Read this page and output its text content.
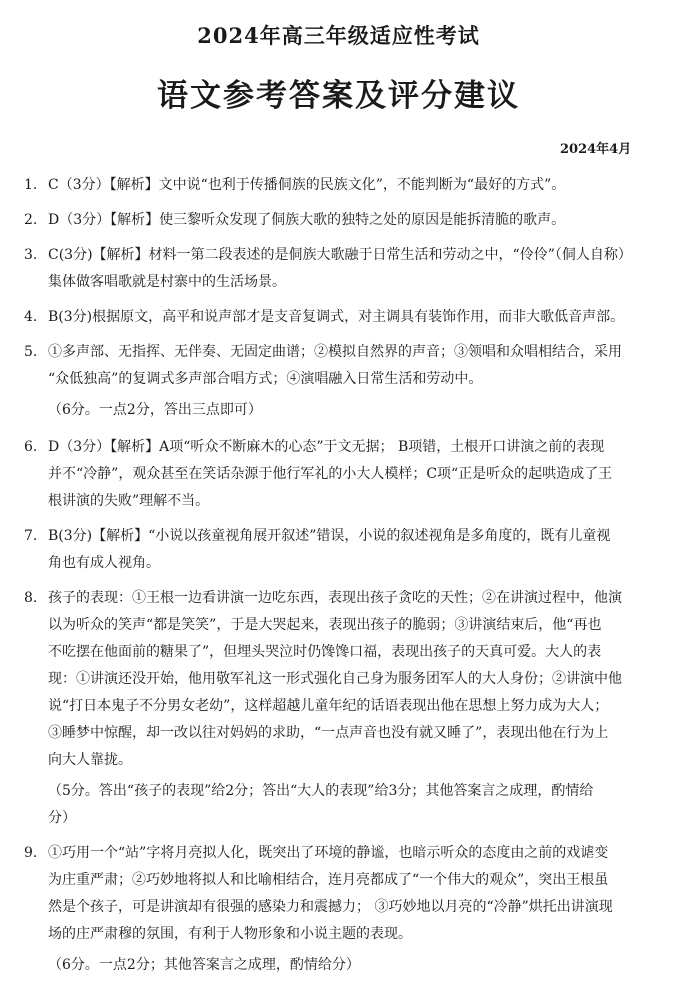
2024年高三年级适应性考试
语文参考答案及评分建议
2024年4月
1. C（3分）【解析】文中说“也利于传播侗族的民族文化”，不能判断为“最好的方式”。

2. D（3分）【解析】使三黎听众发现了侗族大歌的独特之处的原因是能拆清脆的歌声。

3. C(3分)【解析】材料一第二段表述的是侗族大歌融于日常生活和劳动之中，“伶伶”（侗人自称）

集体做客唱歌就是村寨中的生活场景。

4. B(3分)根据原文，高平和说声部才是支音复调式，对主调具有装饰作用，而非大歌低音声部。

5. ①多声部、无指挥、无伴奏、无固定曲谱；②模拟自然界的声音；③领唱和众唱相结合，采用

“众低独高”的复调式多声部合唱方式；④演唱融入日常生活和劳动中。

（6分。一点2分，答出三点即可）

6. D（3分）【解析】A项“听众不断麻木的心态”于文无据； B项错，土根开口讲演之前的表现

并不“冷静”，观众甚至在笑话杂源于他行军礼的小大人模样；C项“正是听众的起哄造成了王

根讲演的失败”理解不当。

7. B(3分)【解析】“小说以孩童视角展开叙述”错误，小说的叙述视角是多角度的，既有儿童视

角也有成人视角。

8. 孩子的表现：①王根一边看讲演一边吃东西，表现出孩子贪吃的天性；②在讲演过程中，他演

以为听众的笑声“都是笑笑”，于是大哭起来，表现出孩子的脆弱；③讲演结束后，他“再也

不吃摆在他面前的糖果了”，但埋头哭泣时仍馋馋口福，表现出孩子的天真可爱。大人的表

现：①讲演还没开始，他用敬军礼这一形式强化自己身为服务团军人的大人身份；②讲演中他

说“打日本鬼子不分男女老幼”，这样超越儿童年纪的话语表现出他在思想上努力成为大人；

③睡梦中惊醒，却一改以往对妈妈的求助，“一点声音也没有就又睡了”，表现出他在行为上

向大人靠拢。

（5分。答出“孩子的表现”给2分；答出“大人的表现”给3分；其他答案言之成理，酌情给

分）

9. ①巧用一个“站”字将月亮拟人化，既突出了环境的静谧，也暗示听众的态度由之前的戏谑变

为庄重严肃；②巧妙地将拟人和比喻相结合，连月亮都成了“一个伟大的观众”，突出王根虽

然是个孩子，可是讲演却有很强的感染力和震撼力； ③巧妙地以月亮的“冷静”烘托出讲演现

场的庄严肃穆的氛围，有利于人物形象和小说主题的表现。

（6分。一点2分；其他答案言之成理，酌情给分）
